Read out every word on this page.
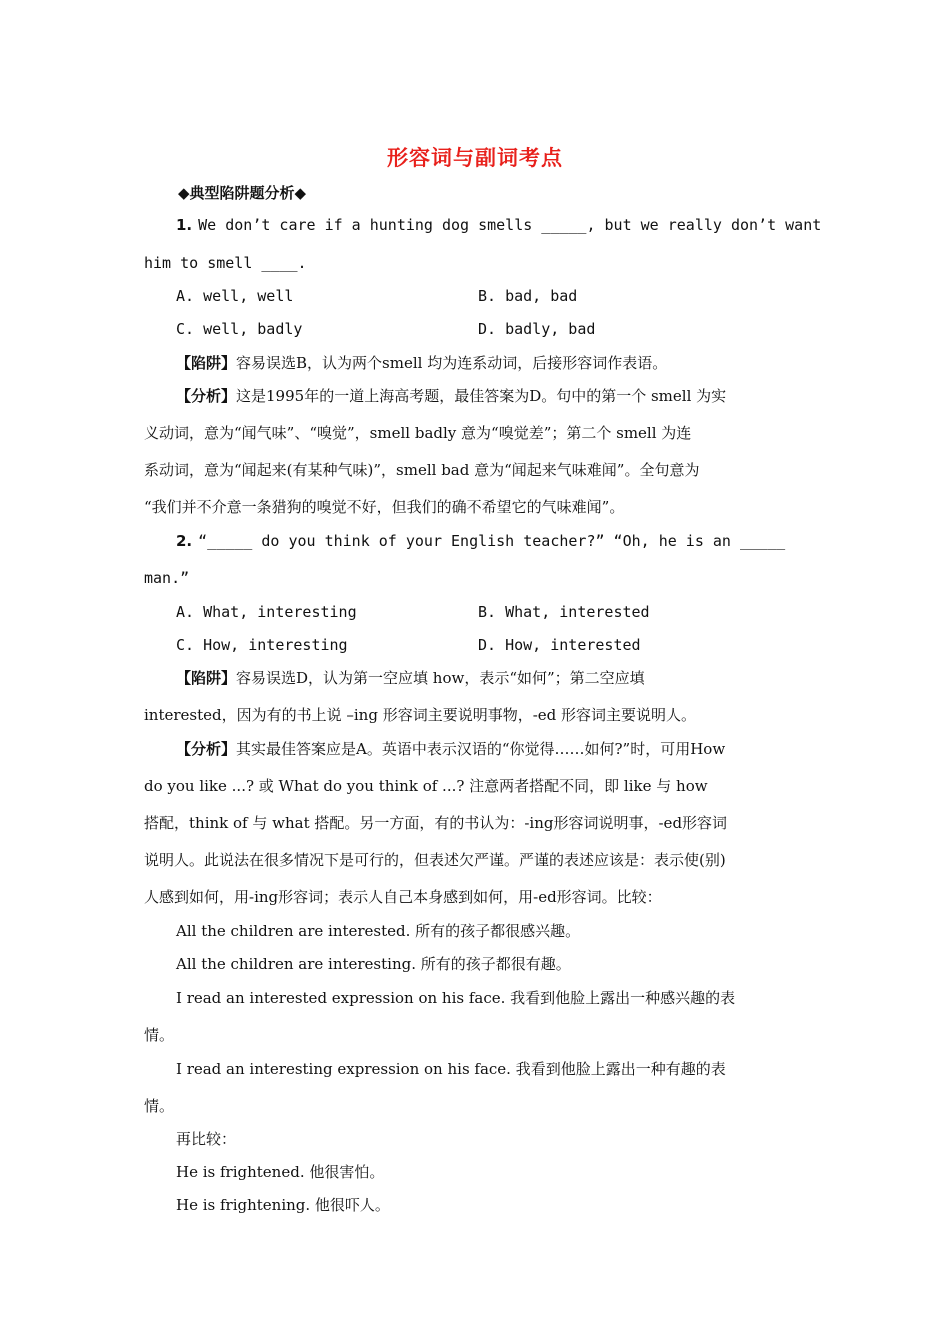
形容词与副词考点
◆典型陷阱题分析◆
1. We don’t care if a hunting dog smells _____, but we really don’t want
him to smell ____.
A. well, well	B. bad, bad
C. well, badly	D. badly, bad
【陷阱】容易误选B，认为两个smell 均为连系动词，后接形容词作表语。
【分析】这是1995年的一道上海高考题，最佳答案为D。句中的第一个 smell 为实
义动词，意为“闻气味”、“嗅觉”，smell badly 意为“嗅觉差”；第二个 smell 为连
系动词，意为“闻起来(有某种气味)”，smell bad 意为“闻起来气味难闻”。全句意为
“我们并不介意一条猎狗的嗅觉不好，但我们的确不希望它的气味难闻”。
2. “_____ do you think of your English teacher?” “Oh, he is an _____
man.”
A. What, interesting	B. What, interested
C. How, interesting	D. How, interested
【陷阱】容易误选D，认为第一空应填 how，表示“如何”；第二空应填
interested，因为有的书上说 –ing 形容词主要说明事物，-ed 形容词主要说明人。
【分析】其实最佳答案应是A。英语中表示汉语的“你觉得……如何?”时，可用How
do you like ...? 或 What do you think of ...? 注意两者搭配不同，即 like 与 how
搭配，think of 与 what 搭配。另一方面，有的书认为：-ing形容词说明事，-ed形容词
说明人。此说法在很多情况下是可行的，但表述欠严谨。严谨的表述应该是：表示使(别)
人感到如何，用-ing形容词；表示人自己本身感到如何，用-ed形容词。比较：
All the children are interested. 所有的孩子都很感兴趣。
All the children are interesting. 所有的孩子都很有趣。
I read an interested expression on his face. 我看到他脸上露出一种感兴趣的表
情。
I read an interesting expression on his face. 我看到他脸上露出一种有趣的表
情。
再比较：
He is frightened. 他很害怕。
He is frightening. 他很吓人。
